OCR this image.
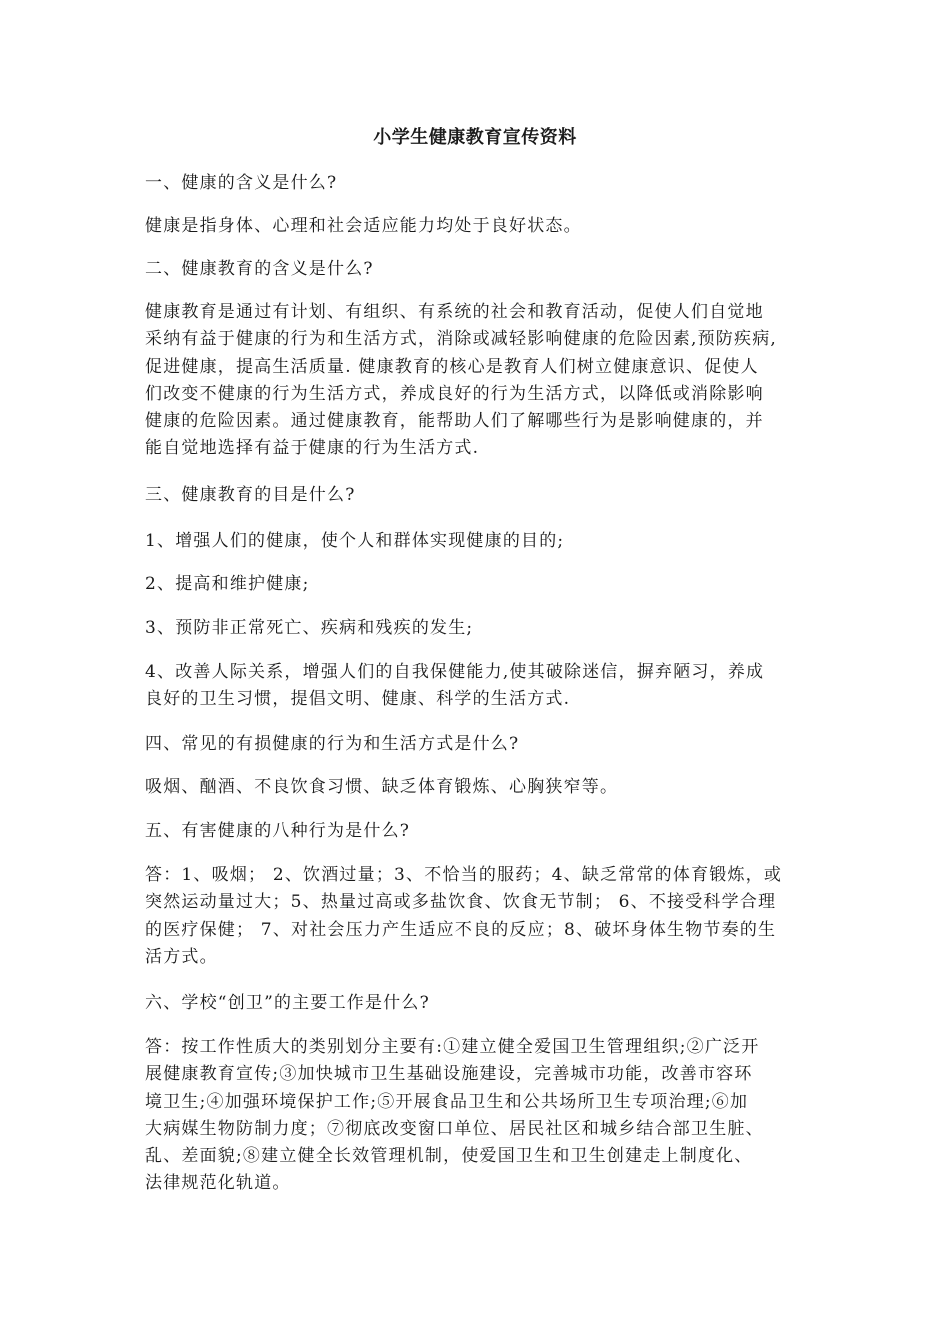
小学生健康教育宣传资料
一、健康的含义是什么?
健康是指身体、心理和社会适应能力均处于良好状态。
二、健康教育的含义是什么?
健康教育是通过有计划、有组织、有系统的社会和教育活动，促使人们自觉地
采纳有益于健康的行为和生活方式，消除或减轻影响健康的危险因素,预防疾病,
促进健康，提高生活质量. 健康教育的核心是教育人们树立健康意识、促使人
们改变不健康的行为生活方式，养成良好的行为生活方式，以降低或消除影响
健康的危险因素。通过健康教育，能帮助人们了解哪些行为是影响健康的，并
能自觉地选择有益于健康的行为生活方式.
三、健康教育的目是什么?
1、增强人们的健康，使个人和群体实现健康的目的;
2、提高和维护健康;
3、预防非正常死亡、疾病和残疾的发生;
4、改善人际关系，增强人们的自我保健能力,使其破除迷信，摒弃陋习，养成
良好的卫生习惯，提倡文明、健康、科学的生活方式.
四、常见的有损健康的行为和生活方式是什么?
吸烟、酗酒、不良饮食习惯、缺乏体育锻炼、心胸狭窄等。
五、有害健康的八种行为是什么?
答：1、吸烟； 2、饮酒过量；3、不恰当的服药；4、缺乏常常的体育锻炼，或
突然运动量过大；5、热量过高或多盐饮食、饮食无节制； 6、不接受科学合理
的医疗保健； 7、对社会压力产生适应不良的反应；8、破坏身体生物节奏的生
活方式。
六、学校“创卫”的主要工作是什么?
答：按工作性质大的类别划分主要有:①建立健全爱国卫生管理组织;②广泛开
展健康教育宣传;③加快城市卫生基础设施建设，完善城市功能，改善市容环
境卫生;④加强环境保护工作;⑤开展食品卫生和公共场所卫生专项治理;⑥加
大病媒生物防制力度；⑦彻底改变窗口单位、居民社区和城乡结合部卫生脏、
乱、差面貌;⑧建立健全长效管理机制，使爱国卫生和卫生创建走上制度化、
法律规范化轨道。
